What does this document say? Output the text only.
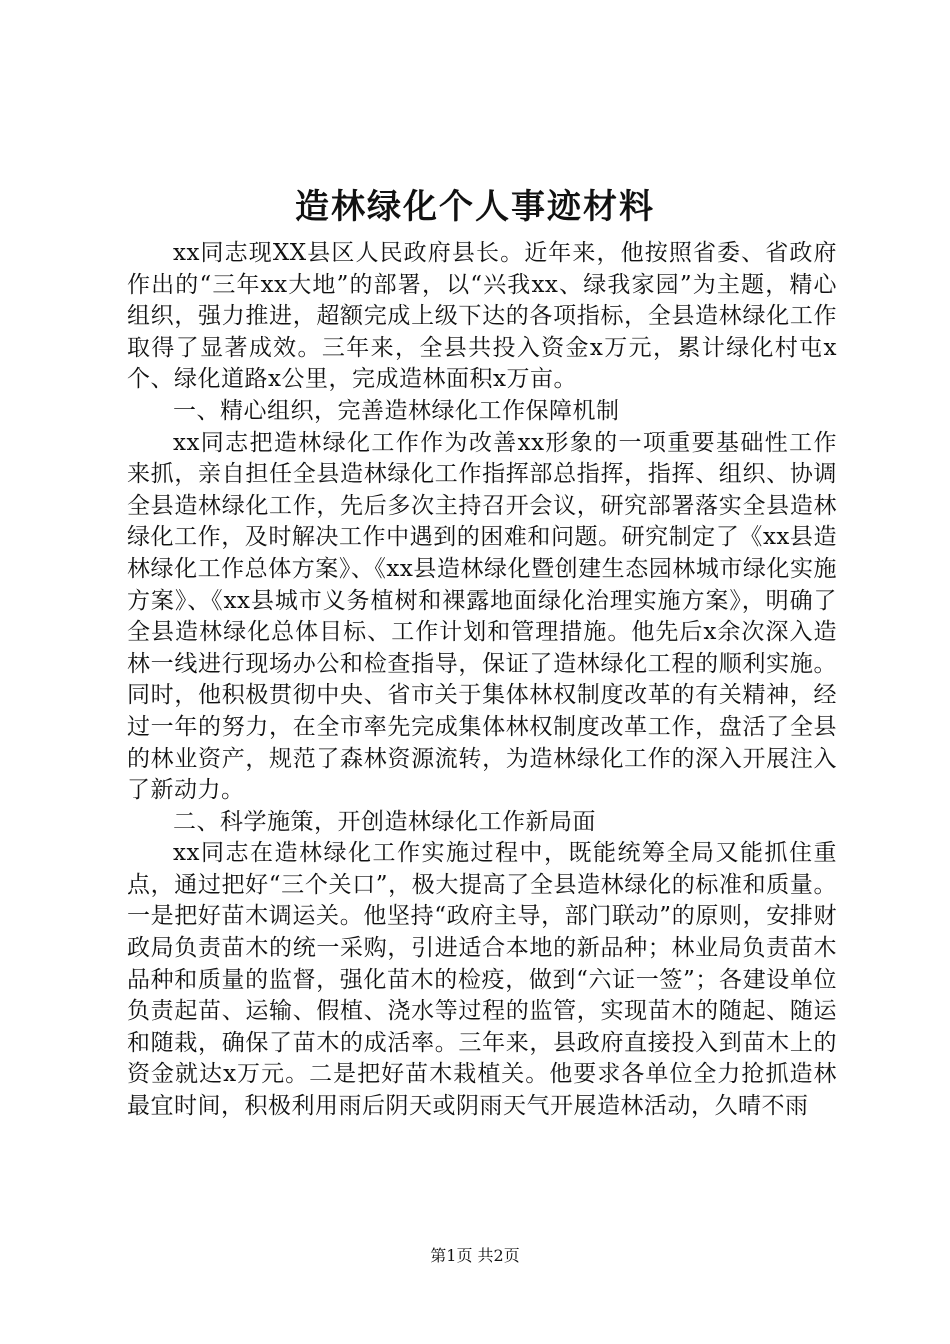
造林绿化个人事迹材料

xx同志现XX县区人民政府县长。近年来，他按照省委、省政府作出的“三年xx大地”的部署，以“兴我xx、绿我家园”为主题，精心组织，强力推进，超额完成上级下达的各项指标，全县造林绿化工作取得了显著成效。三年来，全县共投入资金x万元，累计绿化村屯x个、绿化道路x公里，完成造林面积x万亩。

一、精心组织，完善造林绿化工作保障机制

xx同志把造林绿化工作作为改善xx形象的一项重要基础性工作来抓，亲自担任全县造林绿化工作指挥部总指挥，指挥、组织、协调全县造林绿化工作，先后多次主持召开会议，研究部署落实全县造林绿化工作，及时解决工作中遇到的困难和问题。研究制定了《xx县造林绿化工作总体方案》、《xx县造林绿化暨创建生态园林城市绿化实施方案》、《xx县城市义务植树和裸露地面绿化治理实施方案》，明确了全县造林绿化总体目标、工作计划和管理措施。他先后x余次深入造林一线进行现场办公和检查指导，保证了造林绿化工程的顺利实施。同时，他积极贯彻中央、省市关于集体林权制度改革的有关精神，经过一年的努力，在全市率先完成集体林权制度改革工作，盘活了全县的林业资产，规范了森林资源流转，为造林绿化工作的深入开展注入了新动力。

二、科学施策，开创造林绿化工作新局面

xx同志在造林绿化工作实施过程中，既能统筹全局又能抓住重点，通过把好“三个关口”，极大提高了全县造林绿化的标准和质量。一是把好苗木调运关。他坚持“政府主导，部门联动”的原则，安排财政局负责苗木的统一采购，引进适合本地的新品种；林业局负责苗木品种和质量的监督，强化苗木的检疫，做到“六证一签”；各建设单位负责起苗、运输、假植、浇水等过程的监管，实现苗木的随起、随运和随栽，确保了苗木的成活率。三年来，县政府直接投入到苗木上的资金就达x万元。二是把好苗木栽植关。他要求各单位全力抢抓造林最宜时间，积极利用雨后阴天或阴雨天气开展造林活动，久晴不雨

第1页 共2页
